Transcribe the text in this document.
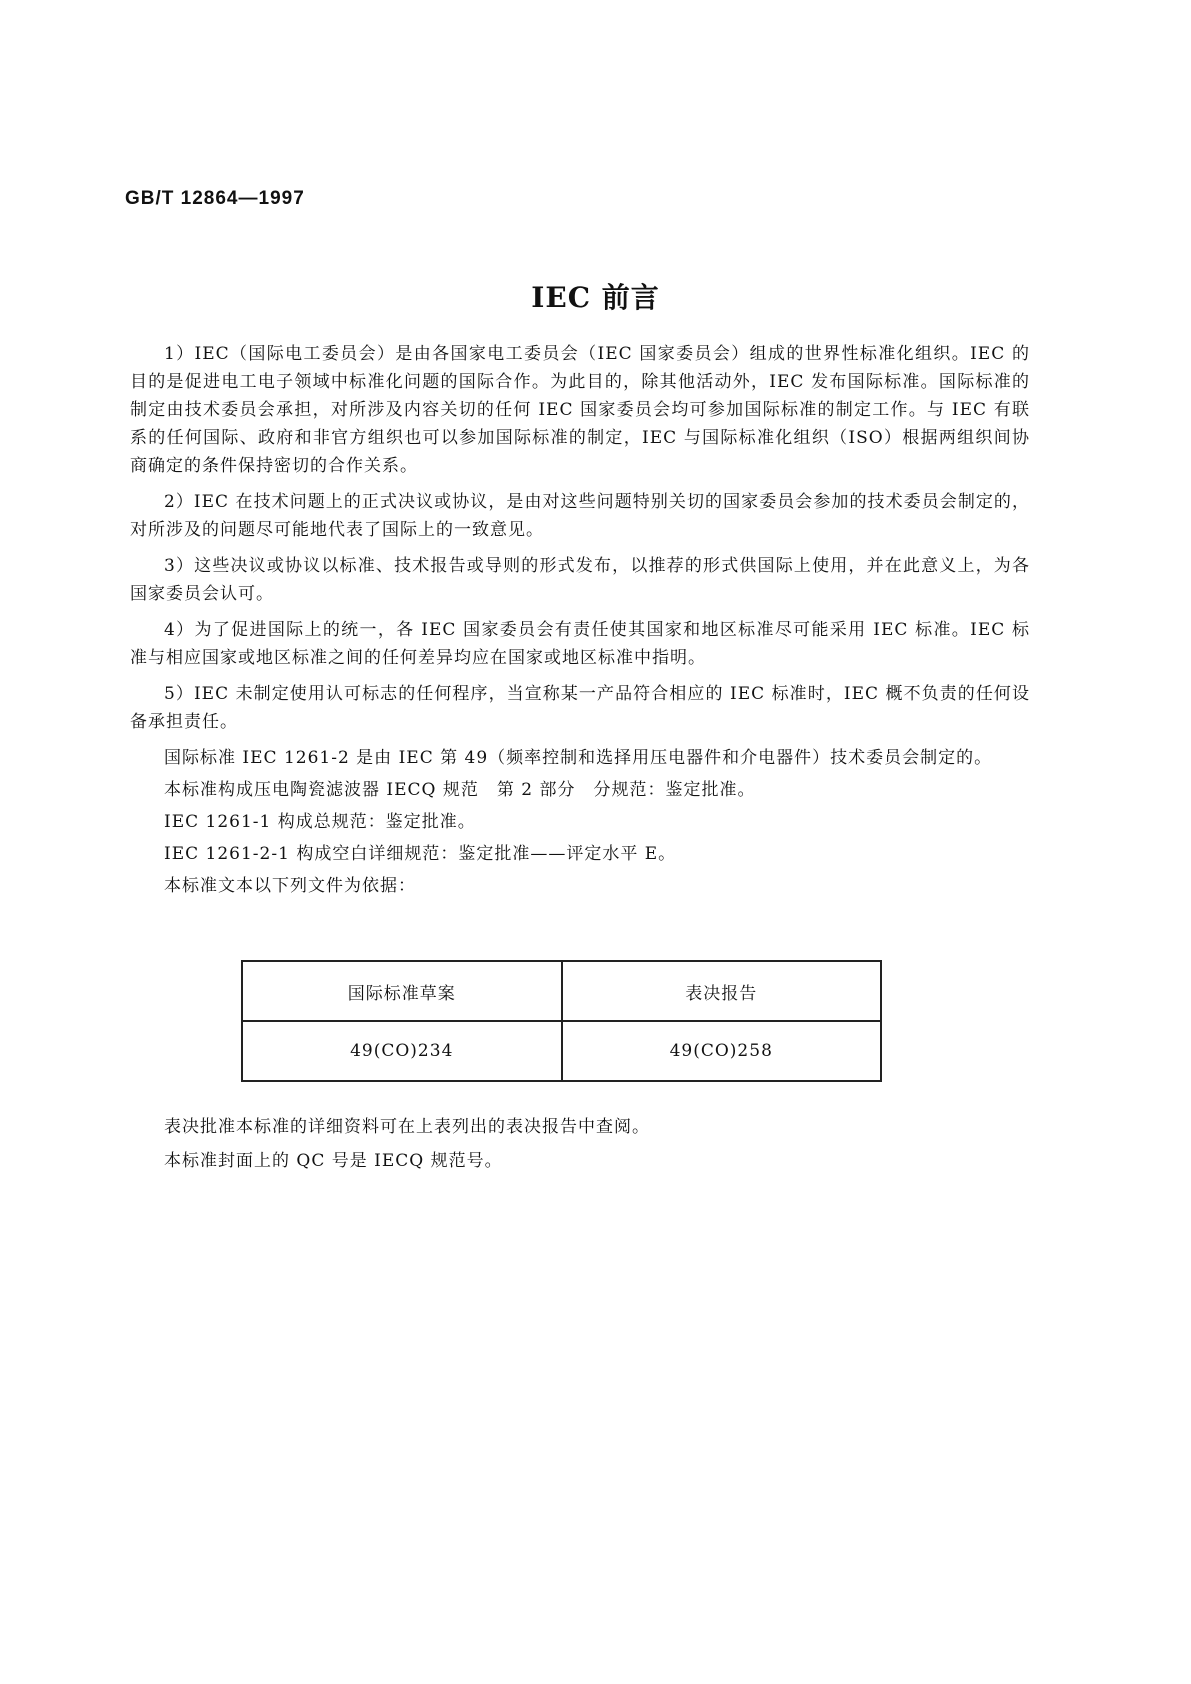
GB/T 12864—1997
IEC 前言

1）IEC（国际电工委员会）是由各国家电工委员会（IEC 国家委员会）组成的世界性标准化组织。IEC 的目的是促进电工电子领域中标准化问题的国际合作。为此目的，除其他活动外，IEC 发布国际标准。国际标准的制定由技术委员会承担，对所涉及内容关切的任何 IEC 国家委员会均可参加国际标准的制定工作。与 IEC 有联系的任何国际、政府和非官方组织也可以参加国际标准的制定，IEC 与国际标准化组织（ISO）根据两组织间协商确定的条件保持密切的合作关系。

2）IEC 在技术问题上的正式决议或协议，是由对这些问题特别关切的国家委员会参加的技术委员会制定的，对所涉及的问题尽可能地代表了国际上的一致意见。

3）这些决议或协议以标准、技术报告或导则的形式发布，以推荐的形式供国际上使用，并在此意义上，为各国家委员会认可。

4）为了促进国际上的统一，各 IEC 国家委员会有责任使其国家和地区标准尽可能采用 IEC 标准。IEC 标准与相应国家或地区标准之间的任何差异均应在国家或地区标准中指明。

5）IEC 未制定使用认可标志的任何程序，当宣称某一产品符合相应的 IEC 标准时，IEC 概不负责的任何设备承担责任。

国际标准 IEC 1261-2 是由 IEC 第 49（频率控制和选择用压电器件和介电器件）技术委员会制定的。

本标准构成压电陶瓷滤波器 IECQ 规范　第 2 部分　分规范：鉴定批准。

IEC 1261-1 构成总规范：鉴定批准。

IEC 1261-2-1 构成空白详细规范：鉴定批准——评定水平 E。

本标准文本以下列文件为依据：

国际标准草案	表决报告
49(CO)234	49(CO)258

表决批准本标准的详细资料可在上表列出的表决报告中查阅。

本标准封面上的 QC 号是 IECQ 规范号。
